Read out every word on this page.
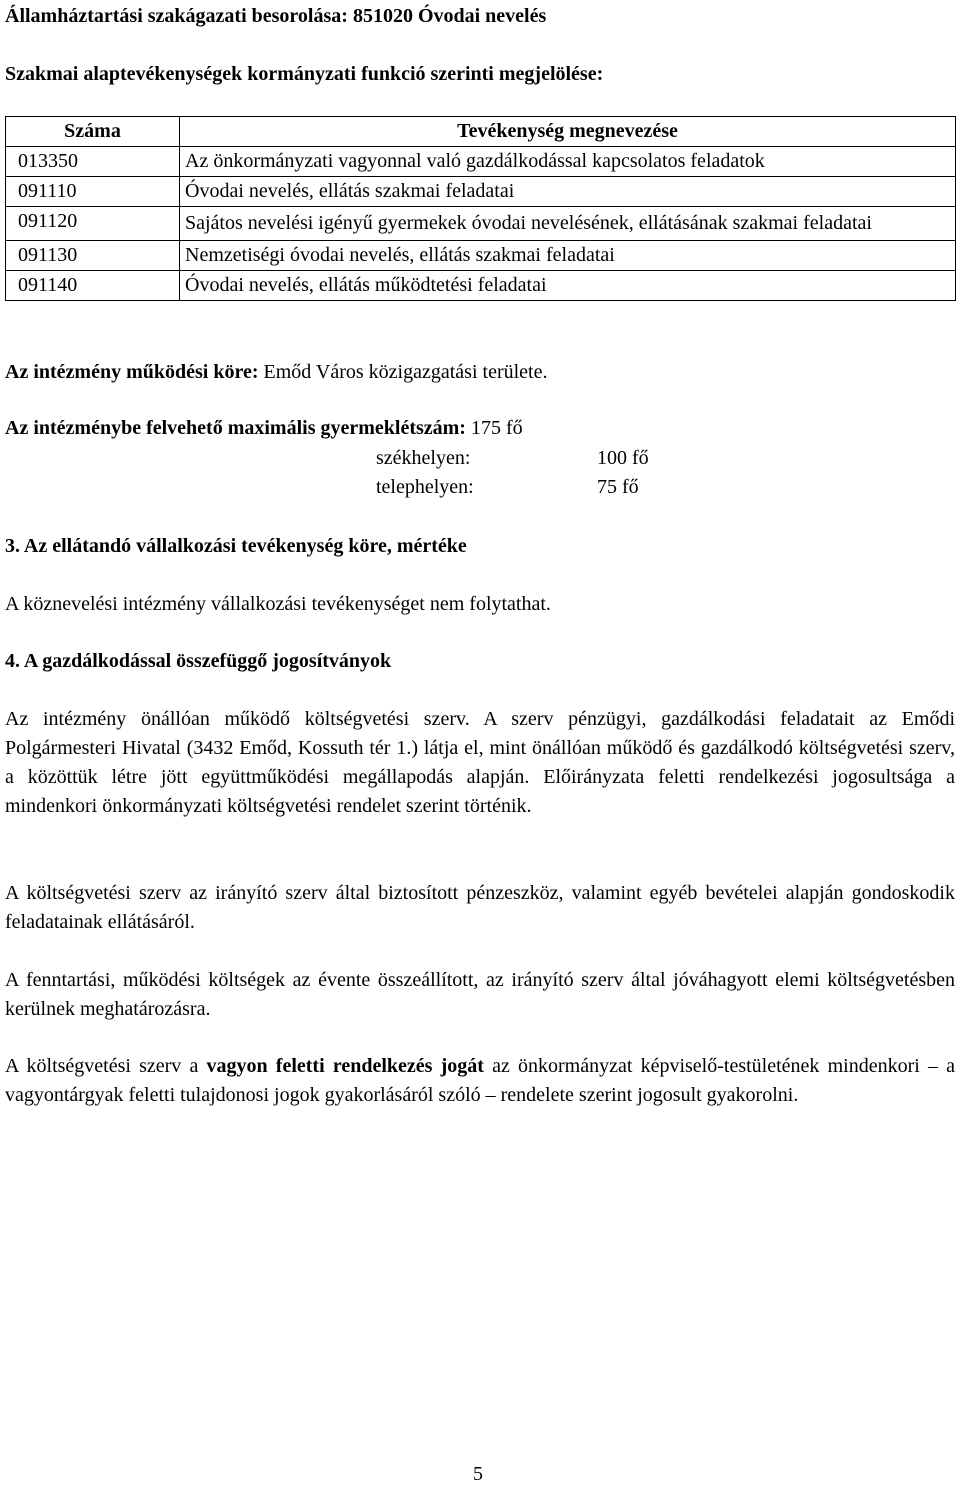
Államháztartási szakágazati besorolása: 851020 Óvodai nevelés
Szakmai alaptevékenységek kormányzati funkció szerinti megjelölése:
Száma	Tevékenység megnevezése
013350	Az önkormányzati vagyonnal való gazdálkodással kapcsolatos feladatok
091110	Óvodai nevelés, ellátás szakmai feladatai
091120	Sajátos nevelési igényű gyermekek óvodai nevelésének, ellátásának szakmai feladatai
091130	Nemzetiségi óvodai nevelés, ellátás szakmai feladatai
091140	Óvodai nevelés, ellátás működtetési feladatai
Az intézmény működési köre: Emőd Város közigazgatási területe.
Az intézménybe felvehető maximális gyermeklétszám: 175 fő
székhelyen:	100 fő
telephelyen:	75 fő
3. Az ellátandó vállalkozási tevékenység köre, mértéke
A köznevelési intézmény vállalkozási tevékenységet nem folytathat.
4. A gazdálkodással összefüggő jogosítványok
Az intézmény önállóan működő költségvetési szerv. A szerv pénzügyi, gazdálkodási feladatait az Emődi Polgármesteri Hivatal (3432 Emőd, Kossuth tér 1.) látja el, mint önállóan működő és gazdálkodó költségvetési szerv, a közöttük létre jött együttműködési megállapodás alapján. Előirányzata feletti rendelkezési jogosultsága a mindenkori önkormányzati költségvetési rendelet szerint történik.
A költségvetési szerv az irányító szerv által biztosított pénzeszköz, valamint egyéb bevételei alapján gondoskodik feladatainak ellátásáról.
A fenntartási, működési költségek az évente összeállított, az irányító szerv által jóváhagyott elemi költségvetésben kerülnek meghatározásra.
A költségvetési szerv a vagyon feletti rendelkezés jogát az önkormányzat képviselő-testületének mindenkori – a vagyontárgyak feletti tulajdonosi jogok gyakorlásáról szóló – rendelete szerint jogosult gyakorolni.
5
